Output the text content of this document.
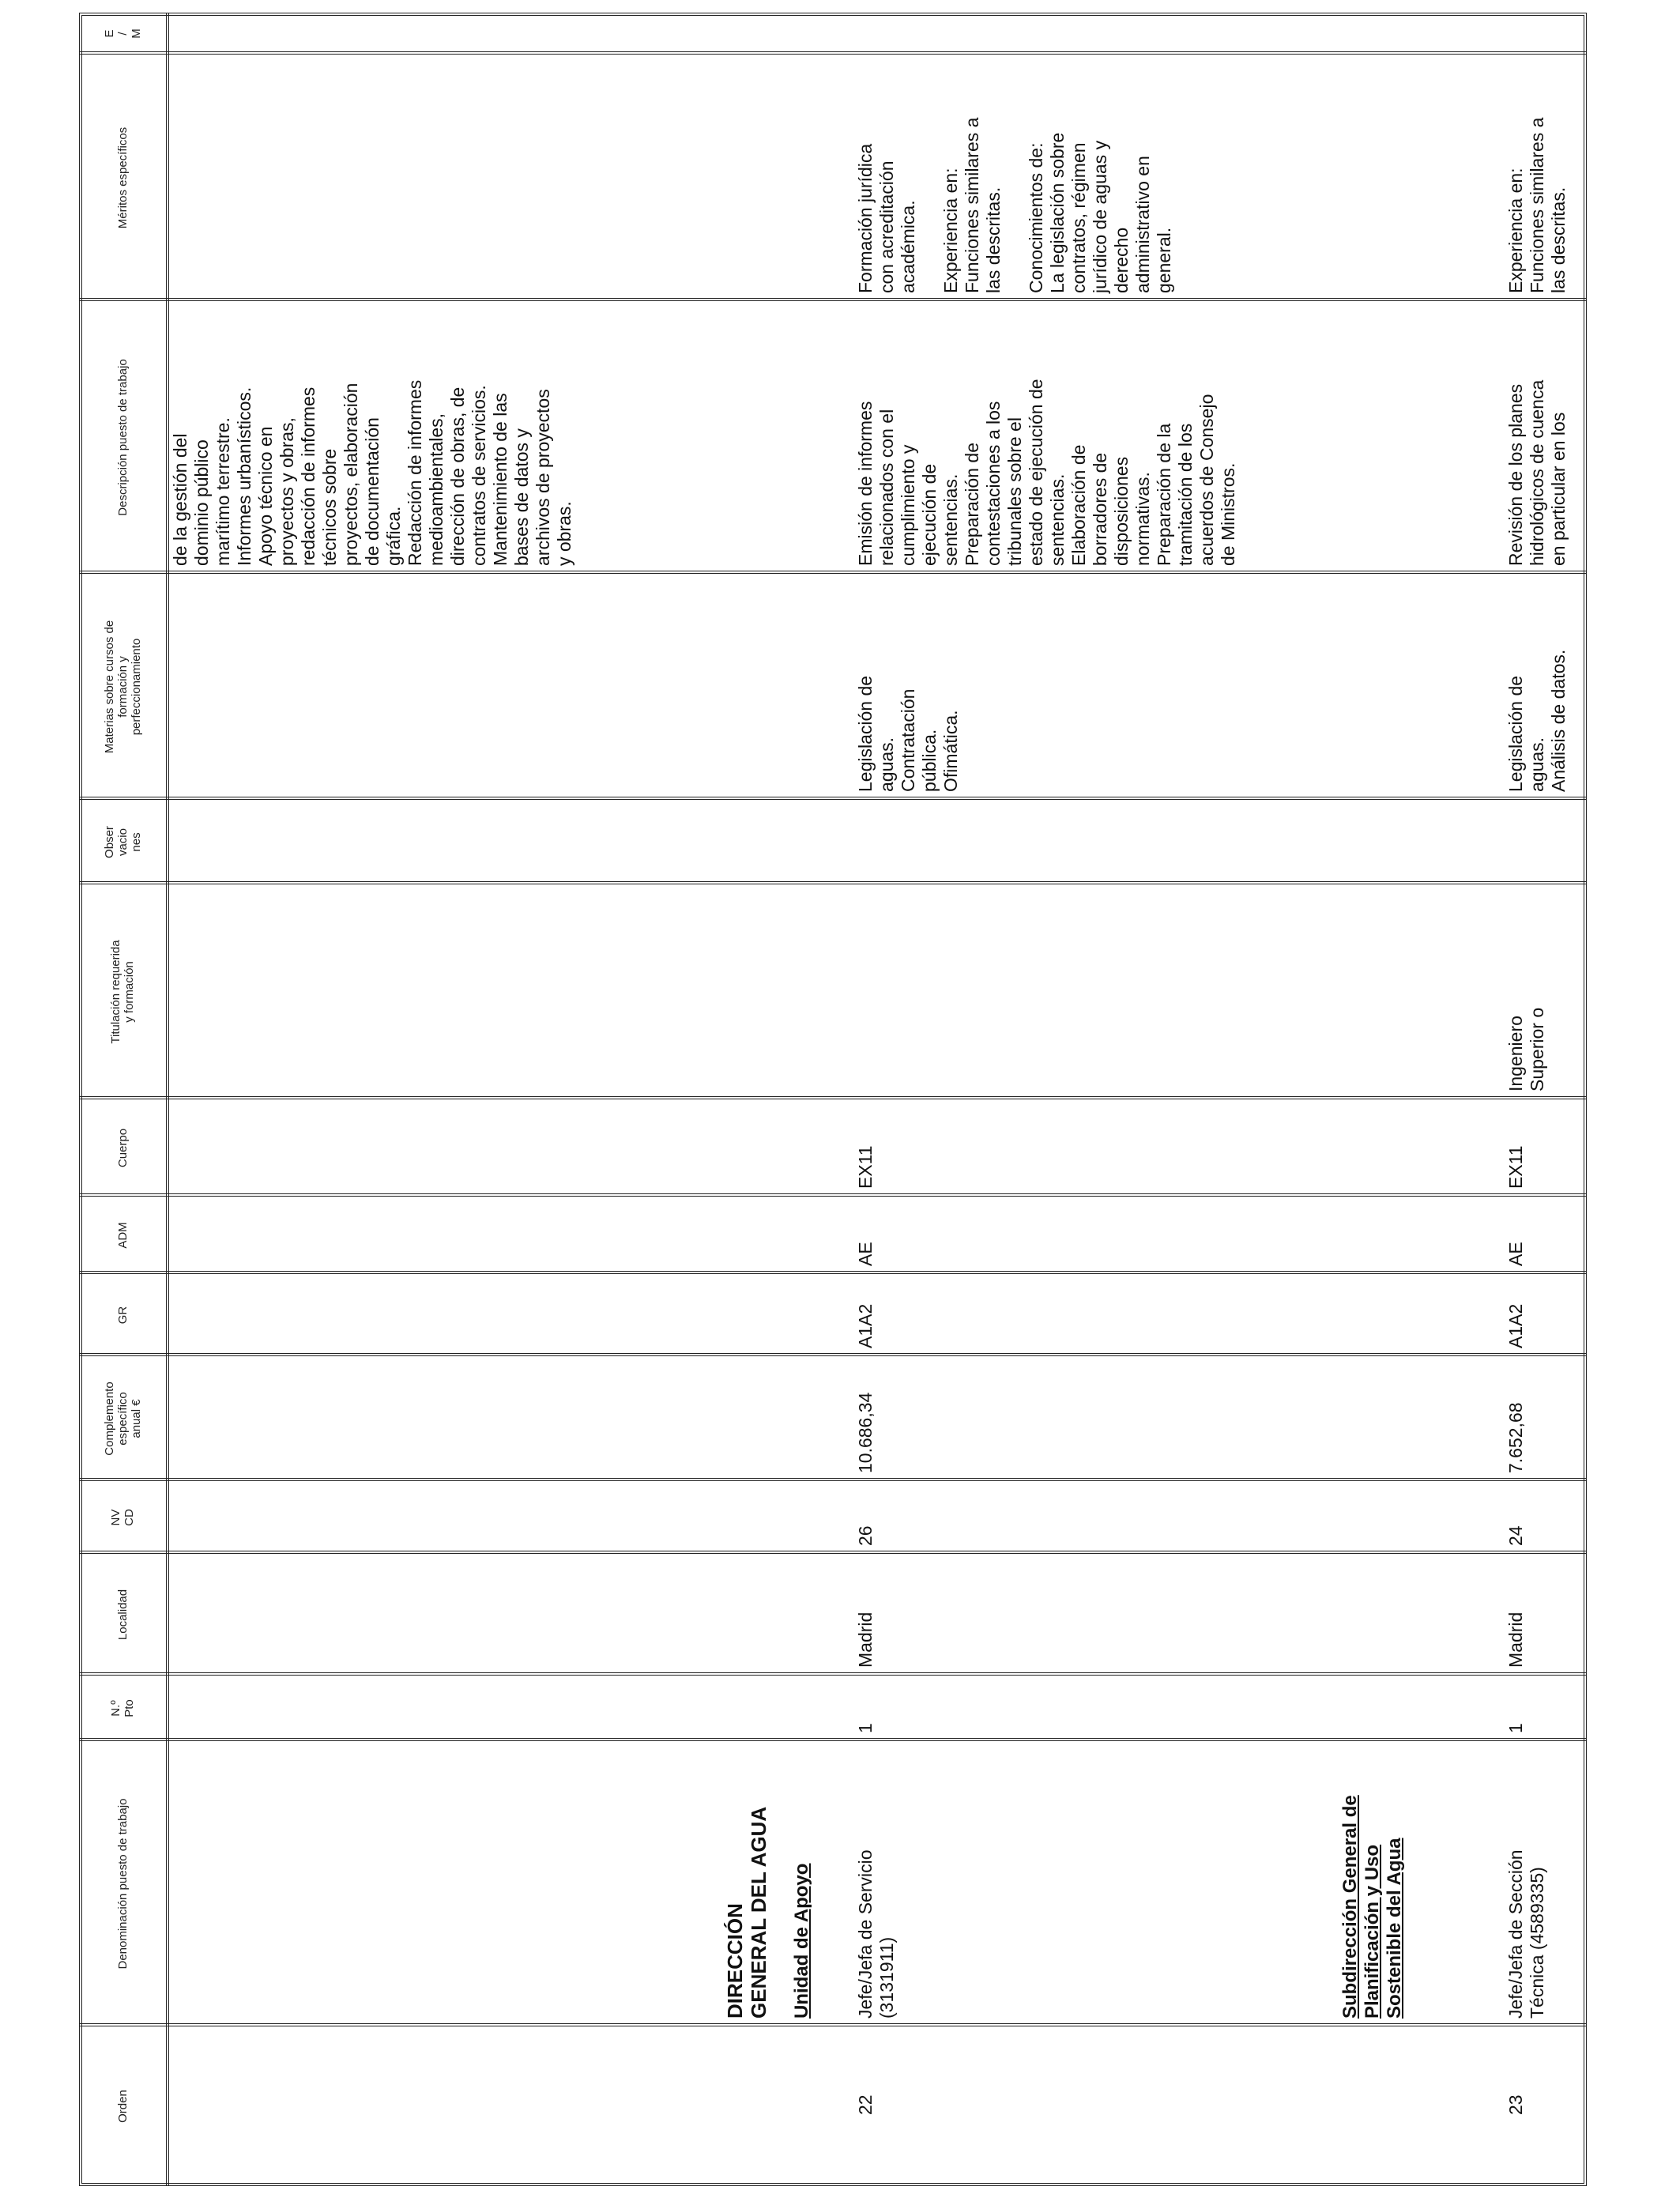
Orden
Denominación puesto de trabajo
N.º Pto
Localidad
NV CD
Complemento específico anual €
GR
ADM
Cuerpo
Titulación requerida y formación
Obser vacio nes
Materias sobre cursos de formación y perfeccionamiento
Descripción puesto de trabajo
Méritos específicos
E / M
de la gestión del dominio público marítimo terrestre. Informes urbanísticos. Apoyo técnico en proyectos y obras, redacción de informes técnicos sobre proyectos, elaboración de documentación gráfica. Redacción de informes medioambientales, dirección de obras, de contratos de servicios. Mantenimiento de las bases de datos y archivos de proyectos y obras.
DIRECCIÓN GENERAL DEL AGUA Unidad de Apoyo
22
Jefe/Jefa de Servicio (3131911)
1
Madrid
26
10.686,34
A1A2
AE
EX11
Legislación de aguas. Contratación pública. Ofimática.
Emisión de informes relacionados con el cumplimiento y ejecución de sentencias. Preparación de contestaciones a los tribunales sobre el estado de ejecución de sentencias. Elaboración de borradores de disposiciones normativas. Preparación de la tramitación de los acuerdos de Consejo de Ministros.
Formación jurídica con acreditación académica. Experiencia en: Funciones similares a las descritas. Conocimientos de: La legislación sobre contratos, régimen jurídico de aguas y derecho administrativo en general.
Subdirección General de Planificación y Uso Sostenible del Agua
23
Jefe/Jefa de Sección Técnica (4589335)
1
Madrid
24
7.652,68
A1A2
AE
EX11
Ingeniero Superior o
Legislación de aguas. Análisis de datos.
Revisión de los planes hidrológicos de cuenca en particular en los
Experiencia en: Funciones similares a las descritas.
